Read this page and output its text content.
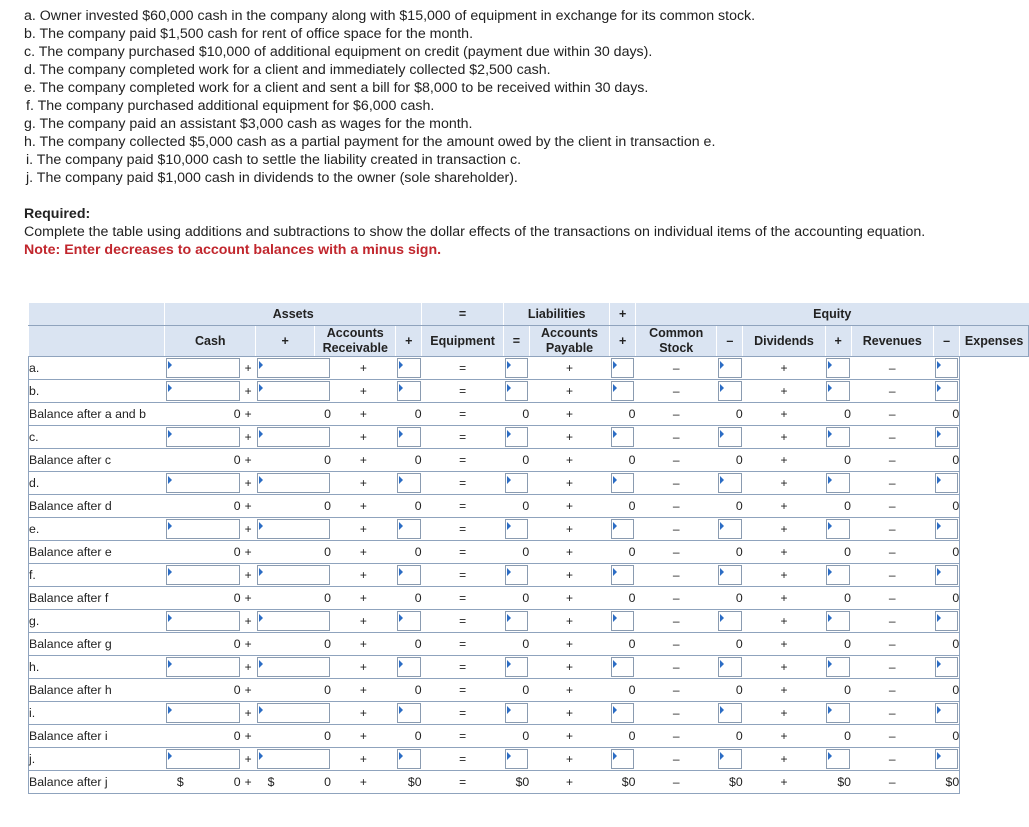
a. Owner invested $60,000 cash in the company along with $15,000 of equipment in exchange for its common stock.
b. The company paid $1,500 cash for rent of office space for the month.
c. The company purchased $10,000 of additional equipment on credit (payment due within 30 days).
d. The company completed work for a client and immediately collected $2,500 cash.
e. The company completed work for a client and sent a bill for $8,000 to be received within 30 days.
f. The company purchased additional equipment for $6,000 cash.
g. The company paid an assistant $3,000 cash as wages for the month.
h. The company collected $5,000 cash as a partial payment for the amount owed by the client in transaction e.
i. The company paid $10,000 cash to settle the liability created in transaction c.
j. The company paid $1,000 cash in dividends to the owner (sole shareholder).
Required:
Complete the table using additions and subtractions to show the dollar effects of the transactions on individual items of the accounting equation.
Note: Enter decreases to account balances with a minus sign.
	Assets						=	Liabilities		+	Equity						
	Cash		+	Accounts Receivable		+	Equipment	=	Accounts Payable	+	Common Stock	–	Dividends	+	Revenues	–	Expenses
a.		+			+		=		+		–		+		–		

b.		+			+		=		+		–		+		–		

Balance after a and b	0	+	0		+	0	=	0	+	0	–	0	+	0	–	0	
c.		+			+		=		+		–		+		–		

Balance after c	0	+	0		+	0	=	0	+	0	–	0	+	0	–	0	
d.		+			+		=		+		–		+		–		

Balance after d	0	+	0		+	0	=	0	+	0	–	0	+	0	–	0	
e.		+			+		=		+		–		+		–		

Balance after e	0	+	0		+	0	=	0	+	0	–	0	+	0	–	0	
f.		+			+		=		+		–		+		–		

Balance after f	0	+	0		+	0	=	0	+	0	–	0	+	0	–	0	
g.		+			+		=		+		–		+		–		

Balance after g	0	+	0		+	0	=	0	+	0	–	0	+	0	–	0	
h.		+			+		=		+		–		+		–		

Balance after h	0	+	0		+	0	=	0	+	0	–	0	+	0	–	0	
i.		+			+		=		+		–		+		–		

Balance after i	0	+	0		+	0	=	0	+	0	–	0	+	0	–	0	
j.		+			+		=		+		–		+		–		

Balance after j	$ 0	+	$ 0		+	$ 0	=	$ 0	+	$ 0	–	$ 0	+	$ 0	–	$ 0	
